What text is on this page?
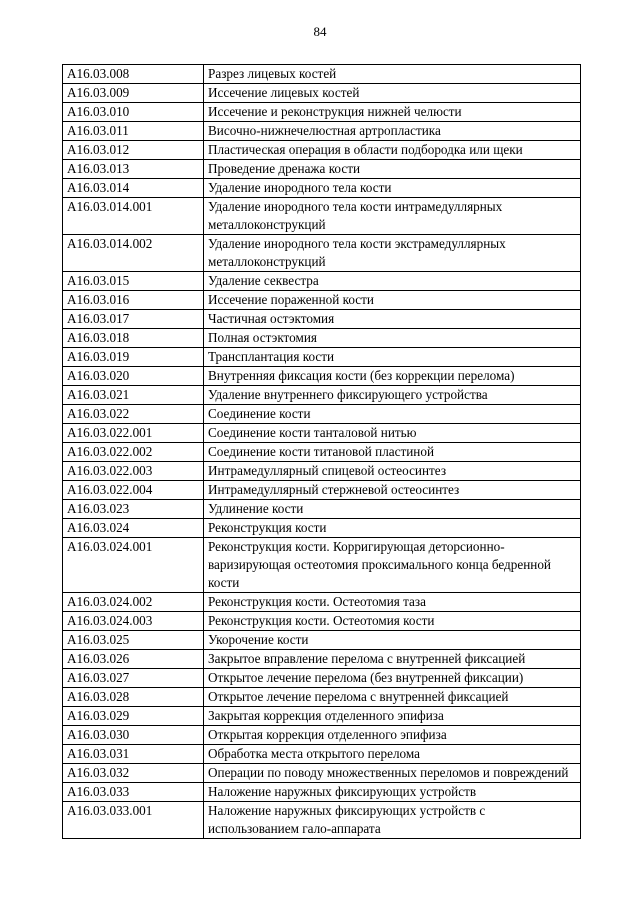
84
A16.03.008	Разрез лицевых костей
A16.03.009	Иссечение лицевых костей
A16.03.010	Иссечение и реконструкция нижней челюсти
A16.03.011	Височно-нижнечелюстная артропластика
A16.03.012	Пластическая операция в области подбородка или щеки
A16.03.013	Проведение дренажа кости
A16.03.014	Удаление инородного тела кости
A16.03.014.001	Удаление инородного тела кости интрамедуллярных металлоконструкций
A16.03.014.002	Удаление инородного тела кости экстрамедуллярных металлоконструкций
A16.03.015	Удаление секвестра
A16.03.016	Иссечение пораженной кости
A16.03.017	Частичная остэктомия
A16.03.018	Полная остэктомия
A16.03.019	Трансплантация кости
A16.03.020	Внутренняя фиксация кости (без коррекции перелома)
A16.03.021	Удаление внутреннего фиксирующего устройства
A16.03.022	Соединение кости
A16.03.022.001	Соединение кости танталовой нитью
A16.03.022.002	Соединение кости титановой пластиной
A16.03.022.003	Интрамедуллярный спицевой остеосинтез
A16.03.022.004	Интрамедуллярный стержневой остеосинтез
A16.03.023	Удлинение кости
A16.03.024	Реконструкция кости
A16.03.024.001	Реконструкция кости. Корригирующая деторсионно-варизирующая остеотомия проксимального конца бедренной кости
A16.03.024.002	Реконструкция кости. Остеотомия таза
A16.03.024.003	Реконструкция кости. Остеотомия кости
A16.03.025	Укорочение кости
A16.03.026	Закрытое вправление перелома с внутренней фиксацией
A16.03.027	Открытое лечение перелома (без внутренней фиксации)
A16.03.028	Открытое лечение перелома с внутренней фиксацией
A16.03.029	Закрытая коррекция отделенного эпифиза
A16.03.030	Открытая коррекция отделенного эпифиза
A16.03.031	Обработка места открытого перелома
A16.03.032	Операции по поводу множественных переломов и повреждений
A16.03.033	Наложение наружных фиксирующих устройств
A16.03.033.001	Наложение наружных фиксирующих устройств с использованием гало-аппарата
